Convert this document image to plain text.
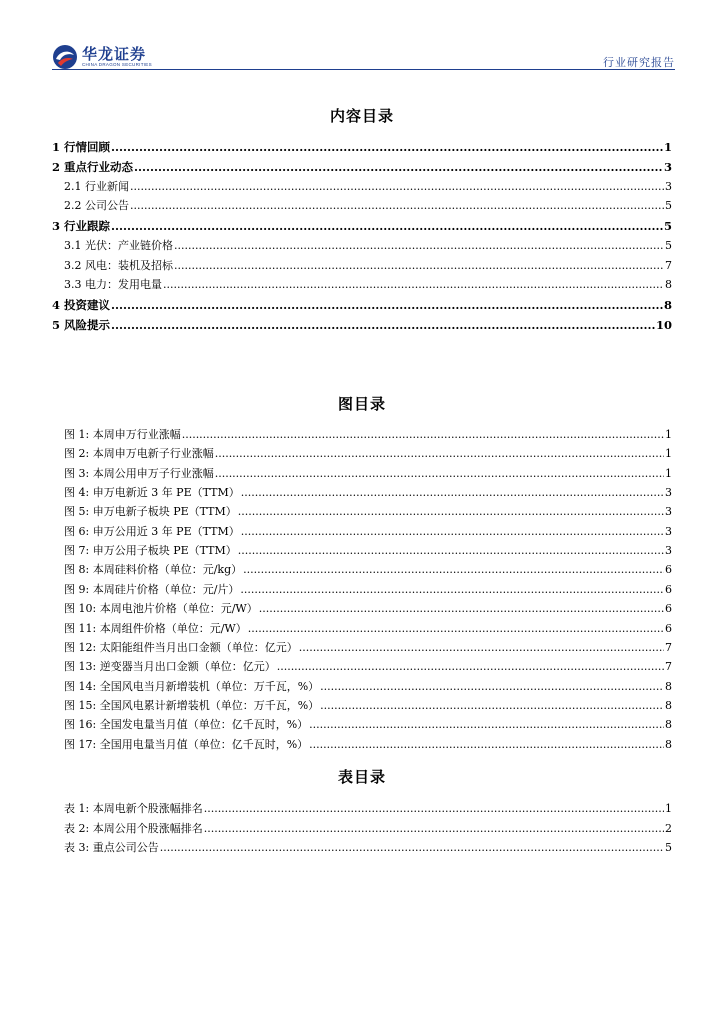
华龙证券
CHINA DRAGON SECURITIES	行业研究报告
内容目录
1 行情回顾 .....	1
2 重点行业动态 .....	3
2.1 行业新闻 .....	3
2.2 公司公告 .....	5
3 行业跟踪 .....	5
3.1 光伏：产业链价格 .....	5
3.2 风电：装机及招标 .....	7
3.3 电力：发用电量 .....	8
4 投资建议 .....	8
5 风险提示 .....	10
图目录
图 1: 本周申万行业涨幅 .....	1
图 2: 本周申万电新子行业涨幅 .....	1
图 3: 本周公用申万子行业涨幅 .....	1
图 4: 申万电新近 3 年 PE（TTM） .....	3
图 5: 申万电新子板块 PE（TTM） .....	3
图 6: 申万公用近 3 年 PE（TTM） .....	3
图 7: 申万公用子板块 PE（TTM） .....	3
图 8: 本周硅料价格（单位：元/kg） .....	6
图 9: 本周硅片价格（单位：元/片） .....	6
图 10: 本周电池片价格（单位：元/W） .....	6
图 11: 本周组件价格（单位：元/W） .....	6
图 12: 太阳能组件当月出口金额（单位：亿元） .....	7
图 13: 逆变器当月出口金额（单位：亿元） .....	7
图 14: 全国风电当月新增装机（单位：万千瓦，%） .....	8
图 15: 全国风电累计新增装机（单位：万千瓦，%） .....	8
图 16: 全国发电量当月值（单位：亿千瓦时，%） .....	8
图 17: 全国用电量当月值（单位：亿千瓦时，%） .....	8
表目录
表 1: 本周电新个股涨幅排名 .....	1
表 2: 本周公用个股涨幅排名 .....	2
表 3: 重点公司公告 .....	5
